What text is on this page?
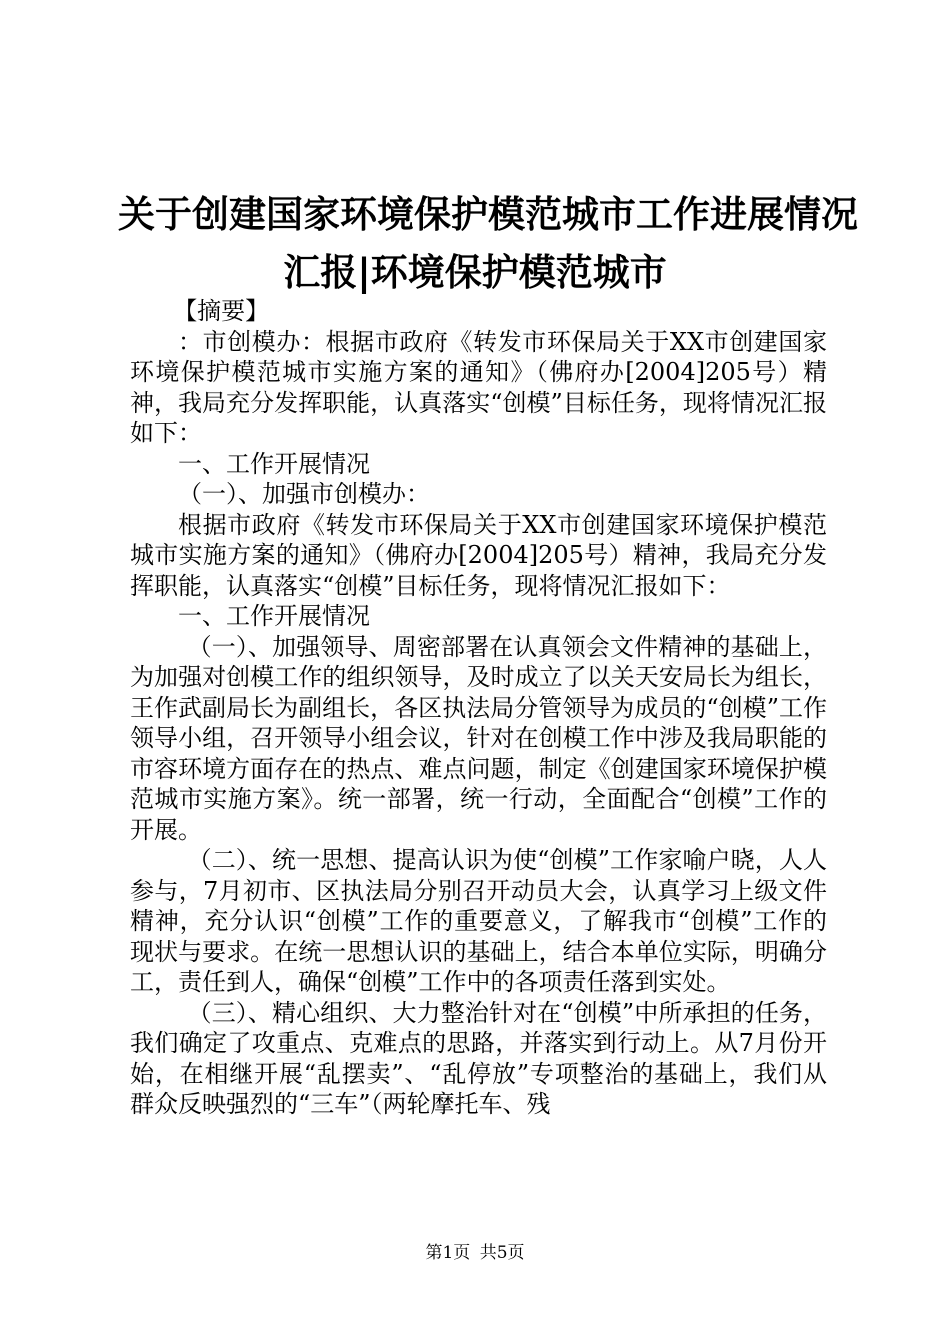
关于创建国家环境保护模范城市工作进展情况
汇报|环境保护模范城市

【摘要】

：市创模办：根据市政府《转发市环保局关于XX市创建国家环境保护模范城市实施方案的通知》（佛府办[2004]205号）精神，我局充分发挥职能，认真落实“创模”目标任务，现将情况汇报如下：

一、工作开展情况

（一）、加强市创模办：

根据市政府《转发市环保局关于XX市创建国家环境保护模范城市实施方案的通知》（佛府办[2004]205号）精神，我局充分发挥职能，认真落实“创模”目标任务，现将情况汇报如下：

一、工作开展情况

（一）、加强领导、周密部署在认真领会文件精神的基础上，为加强对创模工作的组织领导，及时成立了以关天安局长为组长，王作武副局长为副组长，各区执法局分管领导为成员的“创模”工作领导小组，召开领导小组会议，针对在创模工作中涉及我局职能的市容环境方面存在的热点、难点问题，制定《创建国家环境保护模范城市实施方案》。统一部署，统一行动，全面配合“创模”工作的开展。

（二）、统一思想、提高认识为使“创模”工作家喻户晓，人人参与，7月初市、区执法局分别召开动员大会，认真学习上级文件精神，充分认识“创模”工作的重要意义，了解我市“创模”工作的现状与要求。在统一思想认识的基础上，结合本单位实际，明确分工，责任到人，确保“创模”工作中的各项责任落到实处。

（三）、精心组织、大力整治针对在“创模”中所承担的任务，我们确定了攻重点、克难点的思路，并落实到行动上。从7月份开始，在相继开展“乱摆卖”、“乱停放”专项整治的基础上，我们从群众反映强烈的“三车”（两轮摩托车、残

第1页 共5页
